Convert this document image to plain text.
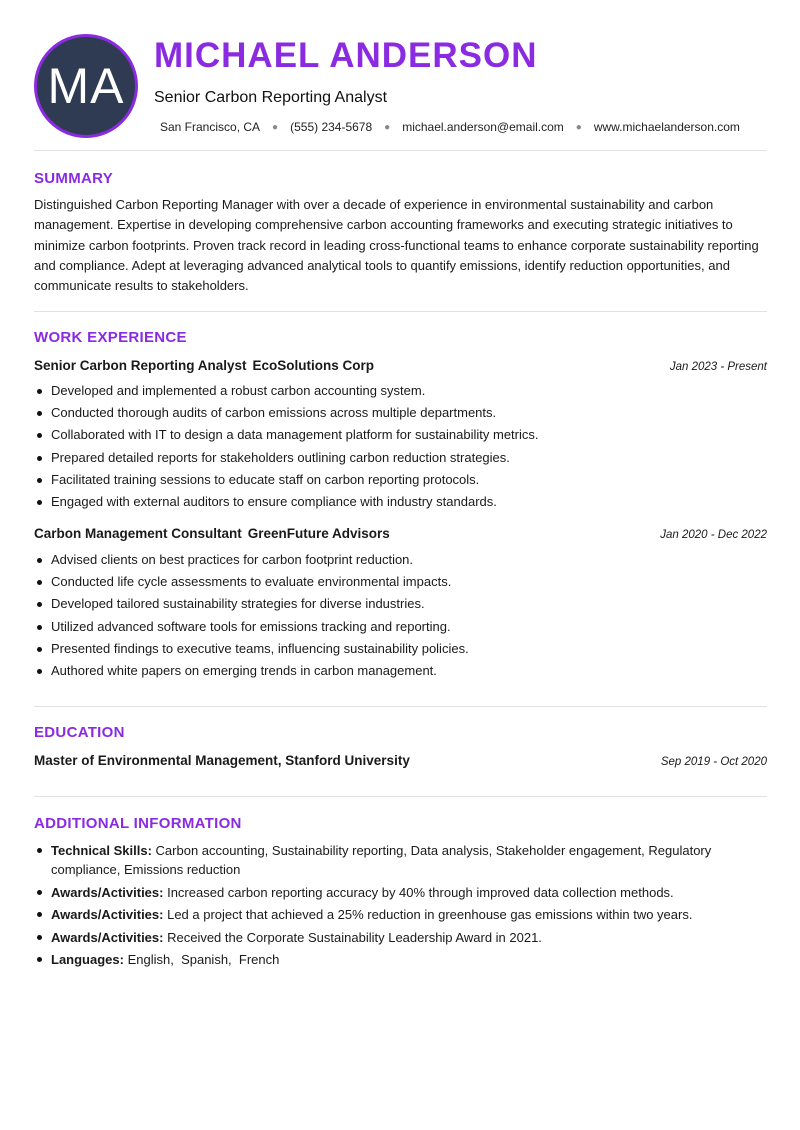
MA
MICHAEL ANDERSON
Senior Carbon Reporting Analyst
San Francisco, CA ● (555) 234-5678 ● michael.anderson@email.com ● www.michaelanderson.com
SUMMARY
Distinguished Carbon Reporting Manager with over a decade of experience in environmental sustainability and carbon management. Expertise in developing comprehensive carbon accounting frameworks and executing strategic initiatives to minimize carbon footprints. Proven track record in leading cross-functional teams to enhance corporate sustainability reporting and compliance. Adept at leveraging advanced analytical tools to quantify emissions, identify reduction opportunities, and communicate results to stakeholders.
WORK EXPERIENCE
Senior Carbon Reporting Analyst EcoSolutions Corp	Jan 2023 - Present
Developed and implemented a robust carbon accounting system.
Conducted thorough audits of carbon emissions across multiple departments.
Collaborated with IT to design a data management platform for sustainability metrics.
Prepared detailed reports for stakeholders outlining carbon reduction strategies.
Facilitated training sessions to educate staff on carbon reporting protocols.
Engaged with external auditors to ensure compliance with industry standards.
Carbon Management Consultant GreenFuture Advisors	Jan 2020 - Dec 2022
Advised clients on best practices for carbon footprint reduction.
Conducted life cycle assessments to evaluate environmental impacts.
Developed tailored sustainability strategies for diverse industries.
Utilized advanced software tools for emissions tracking and reporting.
Presented findings to executive teams, influencing sustainability policies.
Authored white papers on emerging trends in carbon management.
EDUCATION
Master of Environmental Management, Stanford University	Sep 2019 - Oct 2020
ADDITIONAL INFORMATION
Technical Skills: Carbon accounting, Sustainability reporting, Data analysis, Stakeholder engagement, Regulatory compliance, Emissions reduction
Awards/Activities: Increased carbon reporting accuracy by 40% through improved data collection methods.
Awards/Activities: Led a project that achieved a 25% reduction in greenhouse gas emissions within two years.
Awards/Activities: Received the Corporate Sustainability Leadership Award in 2021.
Languages: English,  Spanish,  French
